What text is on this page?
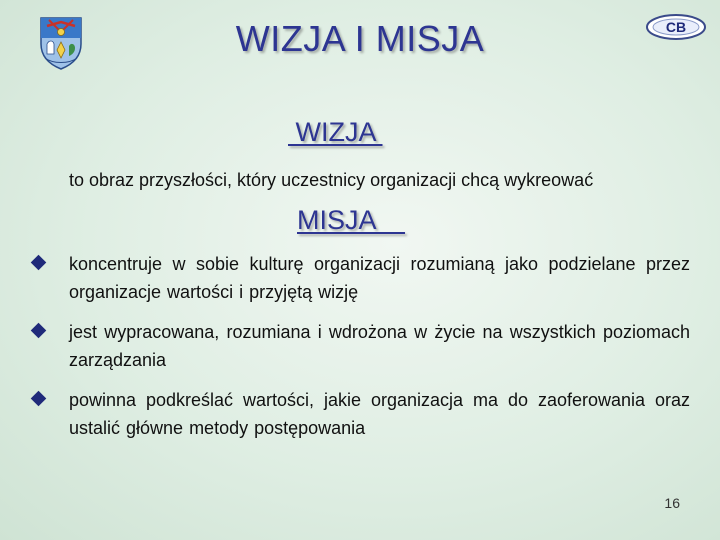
CB
WIZJA I MISJA
WIZJA
to obraz przyszłości, który uczestnicy organizacji chcą wykreować
MISJA
koncentruje w sobie kulturę organizacji rozumianą jako podzielane przez organizacje wartości i przyjętą wizję
jest wypracowana, rozumiana i wdrożona w życie na wszystkich poziomach zarządzania
powinna podkreślać wartości, jakie organizacja ma do zaoferowania oraz ustalić główne metody postępowania
16
